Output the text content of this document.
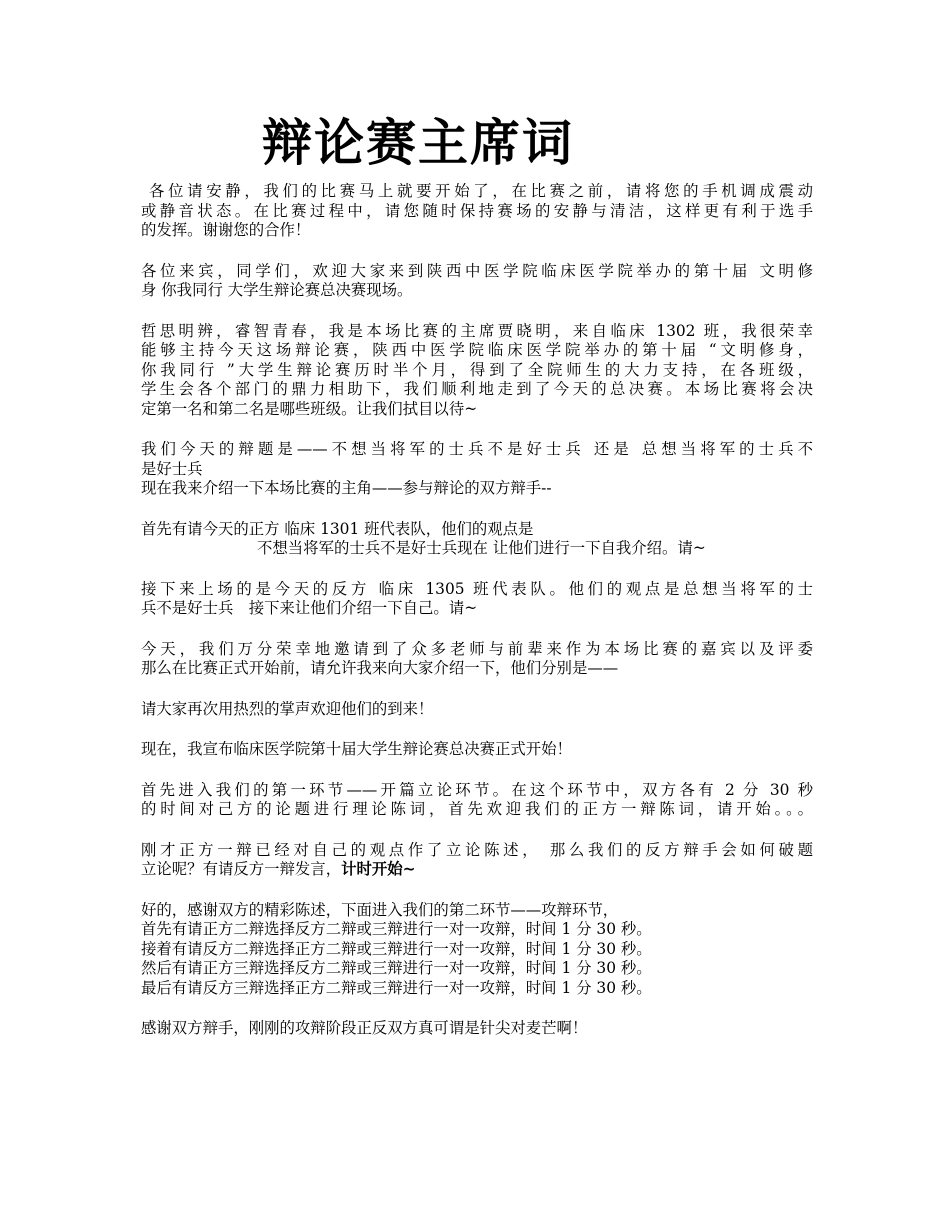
辩论赛主席词
各位请安静，我们的比赛马上就要开始了，在比赛之前，请将您的手机调成震动
或静音状态。在比赛过程中，请您随时保持赛场的安静与清洁，这样更有利于选手
的发挥。谢谢您的合作！
各位来宾，同学们，欢迎大家来到陕西中医学院临床医学院举办的第十届 文明修
身 你我同行 大学生辩论赛总决赛现场。
哲思明辨，睿智青春，我是本场比赛的主席贾晓明，来自临床 1302 班，我很荣幸
能够主持今天这场辩论赛，陕西中医学院临床医学院举办的第十届 “文明修身，
你我同行 ”大学生辩论赛历时半个月，得到了全院师生的大力支持，在各班级，
学生会各个部门的鼎力相助下，我们顺利地走到了今天的总决赛。本场比赛将会决
定第一名和第二名是哪些班级。让我们拭目以待~
我们今天的辩题是——不想当将军的士兵不是好士兵 还是 总想当将军的士兵不
是好士兵
现在我来介绍一下本场比赛的主角——参与辩论的双方辩手--
首先有请今天的正方 临床 1301 班代表队，他们的观点是
不想当将军的士兵不是好士兵现在 让他们进行一下自我介绍。请~
接下来上场的是今天的反方 临床 1305 班代表队。他们的观点是总想当将军的士
兵不是好士兵　接下来让他们介绍一下自己。请~
今天，我们万分荣幸地邀请到了众多老师与前辈来作为本场比赛的嘉宾以及评委
那么在比赛正式开始前，请允许我来向大家介绍一下，他们分别是——
请大家再次用热烈的掌声欢迎他们的到来！
现在，我宣布临床医学院第十届大学生辩论赛总决赛正式开始！
首先进入我们的第一环节——开篇立论环节。在这个环节中，双方各有 2 分 30 秒
的时间对己方的论题进行理论陈词，首先欢迎我们的正方一辩陈词，请开始。。。
刚才正方一辩已经对自己的观点作了立论陈述， 那么我们的反方辩手会如何破题
立论呢？有请反方一辩发言，计时开始~
好的，感谢双方的精彩陈述，下面进入我们的第二环节——攻辩环节，
首先有请正方二辩选择反方二辩或三辩进行一对一攻辩，时间 1 分 30 秒。
接着有请反方二辩选择正方二辩或三辩进行一对一攻辩，时间 1 分 30 秒。
然后有请正方三辩选择反方二辩或三辩进行一对一攻辩，时间 1 分 30 秒。
最后有请反方三辩选择正方二辩或三辩进行一对一攻辩，时间 1 分 30 秒。
感谢双方辩手，刚刚的攻辩阶段正反双方真可谓是针尖对麦芒啊！
